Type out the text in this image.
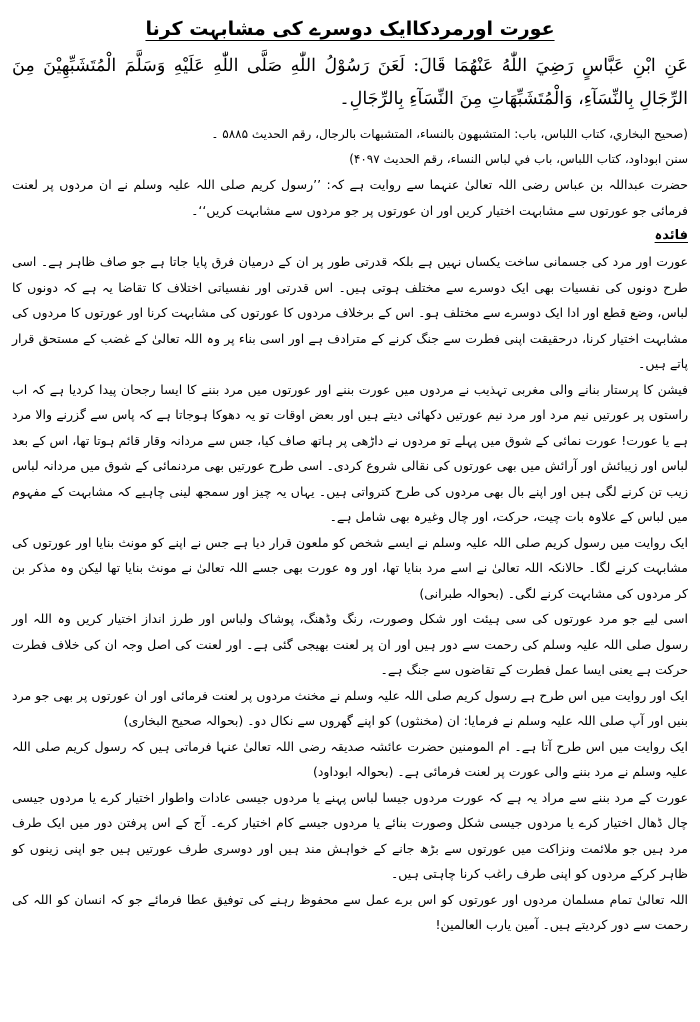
عورت اورمردکاایک دوسرے کی مشابہت کرنا

عَنِ ابْنِ عَبَّاسٍ رَضِيَ اللّٰهُ عَنْهُمَا قَالَ: لَعَنَ رَسُوْلُ اللّٰهِ صَلَّى اللّٰهِ عَلَيْهِ وَسَلَّمَ الْمُتَشَبِّهِيْنَ مِنَ الرِّجَالِ بِالنِّسَآءِ، وَالْمُتَشَبِّهَاتِ مِنَ النِّسَآءِ بِالرِّجَالِ۔

(صحیح البخاري، كتاب اللباس، باب: المتشبهون بالنساء، المتشبهات بالرجال، رقم الحديث ۵۸۸۵ ۔

سنن ابوداود، كتاب اللباس، باب في لباس النساء، رقم الحديث ۴۰۹۷)

حضرت عبداللہ بن عباس رضی اللہ تعالیٰ عنہما سے روایت ہے کہ: ’’رسول کریم صلی اللہ علیہ وسلم نے ان مردوں پر لعنت فرمائی جو عورتوں سے مشابہت اختیار کریں اور ان عورتوں پر جو مردوں سے مشابہت کریں‘‘۔

فائدہ

عورت اور مرد کی جسمانی ساخت یکساں نہیں ہے بلکہ قدرتی طور پر ان کے درمیان فرق پایا جاتا ہے جو صاف ظاہر ہے۔ اسی طرح دونوں کی نفسیات بھی ایک دوسرے سے مختلف ہوتی ہیں۔ اس قدرتی اور نفسیاتی اختلاف کا تقاضا یہ ہے کہ دونوں کا لباس، وضع قطع اور ادا ایک دوسرے سے مختلف ہو۔ اس کے برخلاف مردوں کا عورتوں کی مشابہت کرنا اور عورتوں کا مردوں کی مشابہت اختیار کرنا، درحقیقت اپنی فطرت سے جنگ کرنے کے مترادف ہے اور اسی بناء پر وہ اللہ تعالیٰ کے غضب کے مستحق قرار پاتے ہیں۔

فیشن کا پرستار بنانے والی مغربی تہذیب نے مردوں میں عورت بننے اور عورتوں میں مرد بننے کا ایسا رجحان پیدا کردیا ہے کہ اب راستوں پر عورتیں نیم مرد اور مرد نیم عورتیں دکھائی دیتے ہیں اور بعض اوقات تو یہ دھوکا ہوجاتا ہے کہ پاس سے گزرنے والا مرد ہے یا عورت! عورت نمائی کے شوق میں پہلے تو مردوں نے داڑھی پر ہاتھ صاف کیا، جس سے مردانہ وقار قائم ہوتا تھا، اس کے بعد لباس اور زیبائش اور آرائش میں بھی عورتوں کی نقالی شروع کردی۔ اسی طرح عورتیں بھی مردنمائی کے شوق میں مردانہ لباس زیب تن کرنے لگی ہیں اور اپنے بال بھی مردوں کی طرح کترواتی ہیں۔ یہاں یہ چیز اور سمجھ لینی چاہیے کہ مشابہت کے مفہوم میں لباس کے علاوہ بات چیت، حرکت، اور چال وغیرہ بھی شامل ہے۔

ایک روایت میں رسول کریم صلی اللہ علیہ وسلم نے ایسے شخص کو ملعون قرار دیا ہے جس نے اپنے کو مونث بنایا اور عورتوں کی مشابہت کرنے لگا۔ حالانکہ اللہ تعالیٰ نے اسے مرد بنایا تھا، اور وہ عورت بھی جسے اللہ تعالیٰ نے مونث بنایا تھا لیکن وہ مذکر بن کر مردوں کی مشابہت کرنے لگی۔ (بحوالہ طبرانی)

اسی لیے جو مرد عورتوں کی سی ہیئت اور شکل وصورت، رنگ وڈھنگ، پوشاک ولباس اور طرز انداز اختیار کریں وہ اللہ اور رسول صلی اللہ علیہ وسلم کی رحمت سے دور ہیں اور ان پر لعنت بھیجی گئی ہے۔ اور لعنت کی اصل وجہ ان کی خلاف فطرت حرکت ہے یعنی ایسا عمل فطرت کے تقاضوں سے جنگ ہے۔

ایک اور روایت میں اس طرح ہے رسول کریم صلی اللہ علیہ وسلم نے مخنث مردوں پر لعنت فرمائی اور ان عورتوں پر بھی جو مرد بنیں اور آپ صلی اللہ علیہ وسلم نے فرمایا: ان (مخنثوں) کو اپنے گھروں سے نکال دو۔ (بحوالہ صحیح البخاری)

ایک روایت میں اس طرح آتا ہے۔ ام المومنین حضرت عائشہ صدیقہ رضی اللہ تعالیٰ عنہا فرماتی ہیں کہ رسول کریم صلی اللہ علیہ وسلم نے مرد بننے والی عورت پر لعنت فرمائی ہے۔ (بحوالہ ابوداود)

عورت کے مرد بننے سے مراد یہ ہے کہ عورت مردوں جیسا لباس پہنے یا مردوں جیسی عادات واطوار اختیار کرے یا مردوں جیسی چال ڈھال اختیار کرے یا مردوں جیسی شکل وصورت بنائے یا مردوں جیسے کام اختیار کرے۔ آج کے اس پرفتن دور میں ایک طرف مرد ہیں جو ملائمت ونزاکت میں عورتوں سے بڑھ جانے کے خواہش مند ہیں اور دوسری طرف عورتیں ہیں جو اپنی زینوں کو ظاہر کرکے مردوں کو اپنی طرف راغب کرنا چاہتی ہیں۔

اللہ تعالیٰ تمام مسلمان مردوں اور عورتوں کو اس برے عمل سے محفوظ رہنے کی توفیق عطا فرمائے جو کہ انسان کو اللہ کی رحمت سے دور کردیتے ہیں۔ آمین یارب العالمین!
